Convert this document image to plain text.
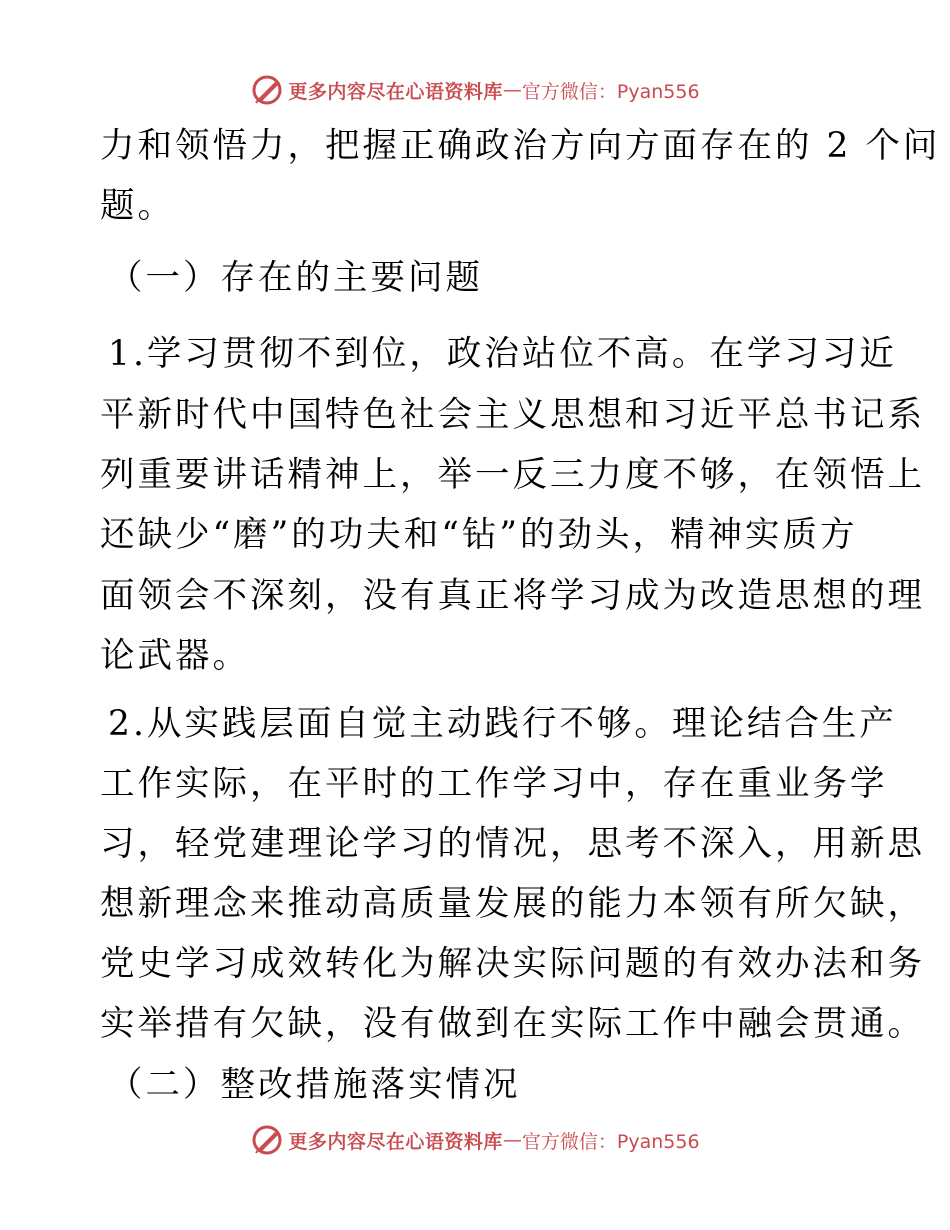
更多内容尽在心语资料库 — 官方微信：Pyan556
力和领悟力，把握正确政治方向方面存在的 2 个问
题。
（一）存在的主要问题
1.学习贯彻不到位，政治站位不高。在学习习近
平新时代中国特色社会主义思想和习近平总书记系
列重要讲话精神上，举一反三力度不够，在领悟上
还缺少“磨”的功夫和“钻”的劲头，精神实质方
面领会不深刻，没有真正将学习成为改造思想的理
论武器。
2.从实践层面自觉主动践行不够。理论结合生产
工作实际，在平时的工作学习中，存在重业务学
习，轻党建理论学习的情况，思考不深入，用新思
想新理念来推动高质量发展的能力本领有所欠缺，
党史学习成效转化为解决实际问题的有效办法和务
实举措有欠缺，没有做到在实际工作中融会贯通。
（二）整改措施落实情况
更多内容尽在心语资料库 — 官方微信：Pyan556
